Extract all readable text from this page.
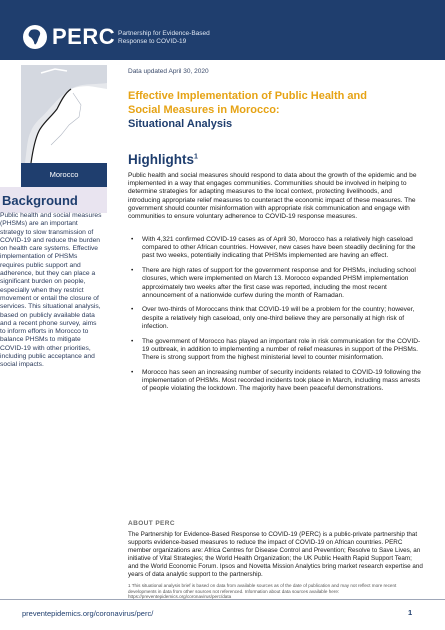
PERC Partnership for Evidence-Based
Response to COVID-19
Morocco
Background
Public health and social measures (PHSMs) are an important strategy to slow transmission of COVID-19 and reduce the burden on health care systems. Effective implementation of PHSMs requires public support and adherence, but they can place a significant burden on people, especially when they restrict movement or entail the closure of services. This situational analysis, based on publicly available data and a recent phone survey, aims to inform efforts in Morocco to balance PHSMs to mitigate COVID-19 with other priorities, including public acceptance and social impacts.
Data updated April 30, 2020
Effective Implementation of Public Health and
Social Measures in Morocco:
Situational Analysis
Highlights$^1$
Public health and social measures should respond to data about the growth of the epidemic and be implemented in a way that engages communities. Communities should be involved in helping to determine strategies for adapting measures to the local context, protecting livelihoods, and introducing appropriate relief measures to counteract the economic impact of these measures. The government should counter misinformation with appropriate risk communication and engage with communities to ensure voluntary adherence to COVID-19 response measures.
• With 4,321 confirmed COVID-19 cases as of April 30, Morocco has a relatively high caseload compared to other African countries. However, new cases have been steadily declining for the past two weeks, potentially indicating that PHSMs implemented are having an effect.
• There are high rates of support for the government response and for PHSMs, including school closures, which were implemented on March 13. Morocco expanded PHSM implementation approximately two weeks after the first case was reported, including the most recent announcement of a nationwide curfew during the month of Ramadan.
• Over two-thirds of Moroccans think that COVID-19 will be a problem for the country; however, despite a relatively high caseload, only one-third believe they are personally at high risk of infection.
• The government of Morocco has played an important role in risk communication for the COVID-19 outbreak, in addition to implementing a number of relief measures in support of the PHSMs. There is strong support from the highest ministerial level to counter misinformation.
• Morocco has seen an increasing number of security incidents related to COVID-19 following the implementation of PHSMs. Most recorded incidents took place in March, including mass arrests of people violating the lockdown. The majority have been peaceful demonstrations.
ABOUT PERC
The Partnership for Evidence-Based Response to COVID-19 (PERC) is a public-private partnership that supports evidence-based measures to reduce the impact of COVID-19 on African countries. PERC member organizations are: Africa Centres for Disease Control and Prevention; Resolve to Save Lives, an initiative of Vital Strategies; the World Health Organization; the UK Public Health Rapid Support Team; and the World Economic Forum. Ipsos and Novetta Mission Analytics bring market research expertise and years of data analytic support to the partnership.
1 This situational analysis brief is based on data from available sources as of the date of publication and may not reflect more recent developments in data from other sources not referenced. Information about data sources available here: https://preventepidemics.org/coronavirus/perc/data
preventepidemics.org/coronavirus/perc/	1
